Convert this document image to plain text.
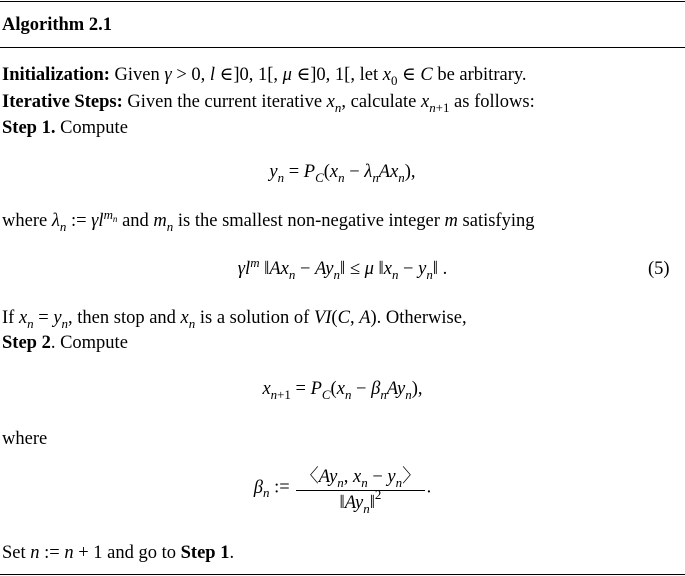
Algorithm 2.1
Initialization: Given γ > 0, l ∈]0, 1[, μ ∈]0, 1[, let $x_0$ ∈ C be arbitrary.
Iterative Steps: Given the current iterative $x_n$, calculate $x_{n+1}$ as follows:
Step 1. Compute
$y_n = P_C(x_n - \lambda_nAx_n)$,
where $\lambda_n$ := $\gamma l^{m_n}$ and $m_n$ is the smallest non-negative integer m satisfying
$\gamma l^m$ $‖Ax_n$ − $Ay_n‖ \le \mu$ $‖x_n$ − $y_n‖$ .	(5)
If $x_n = y_n$, then stop and $x_n$ is a solution of VI(C, A). Otherwise,
Step 2. Compute
$x_{n+1} = P_C(x_n - \beta_nAy_n)$,
where
$\beta_n$ := $\frac{〈Ay_n, x_n - y_n〉}{‖Ay_n‖^2}$ .
Set n := n + 1 and go to Step 1.
